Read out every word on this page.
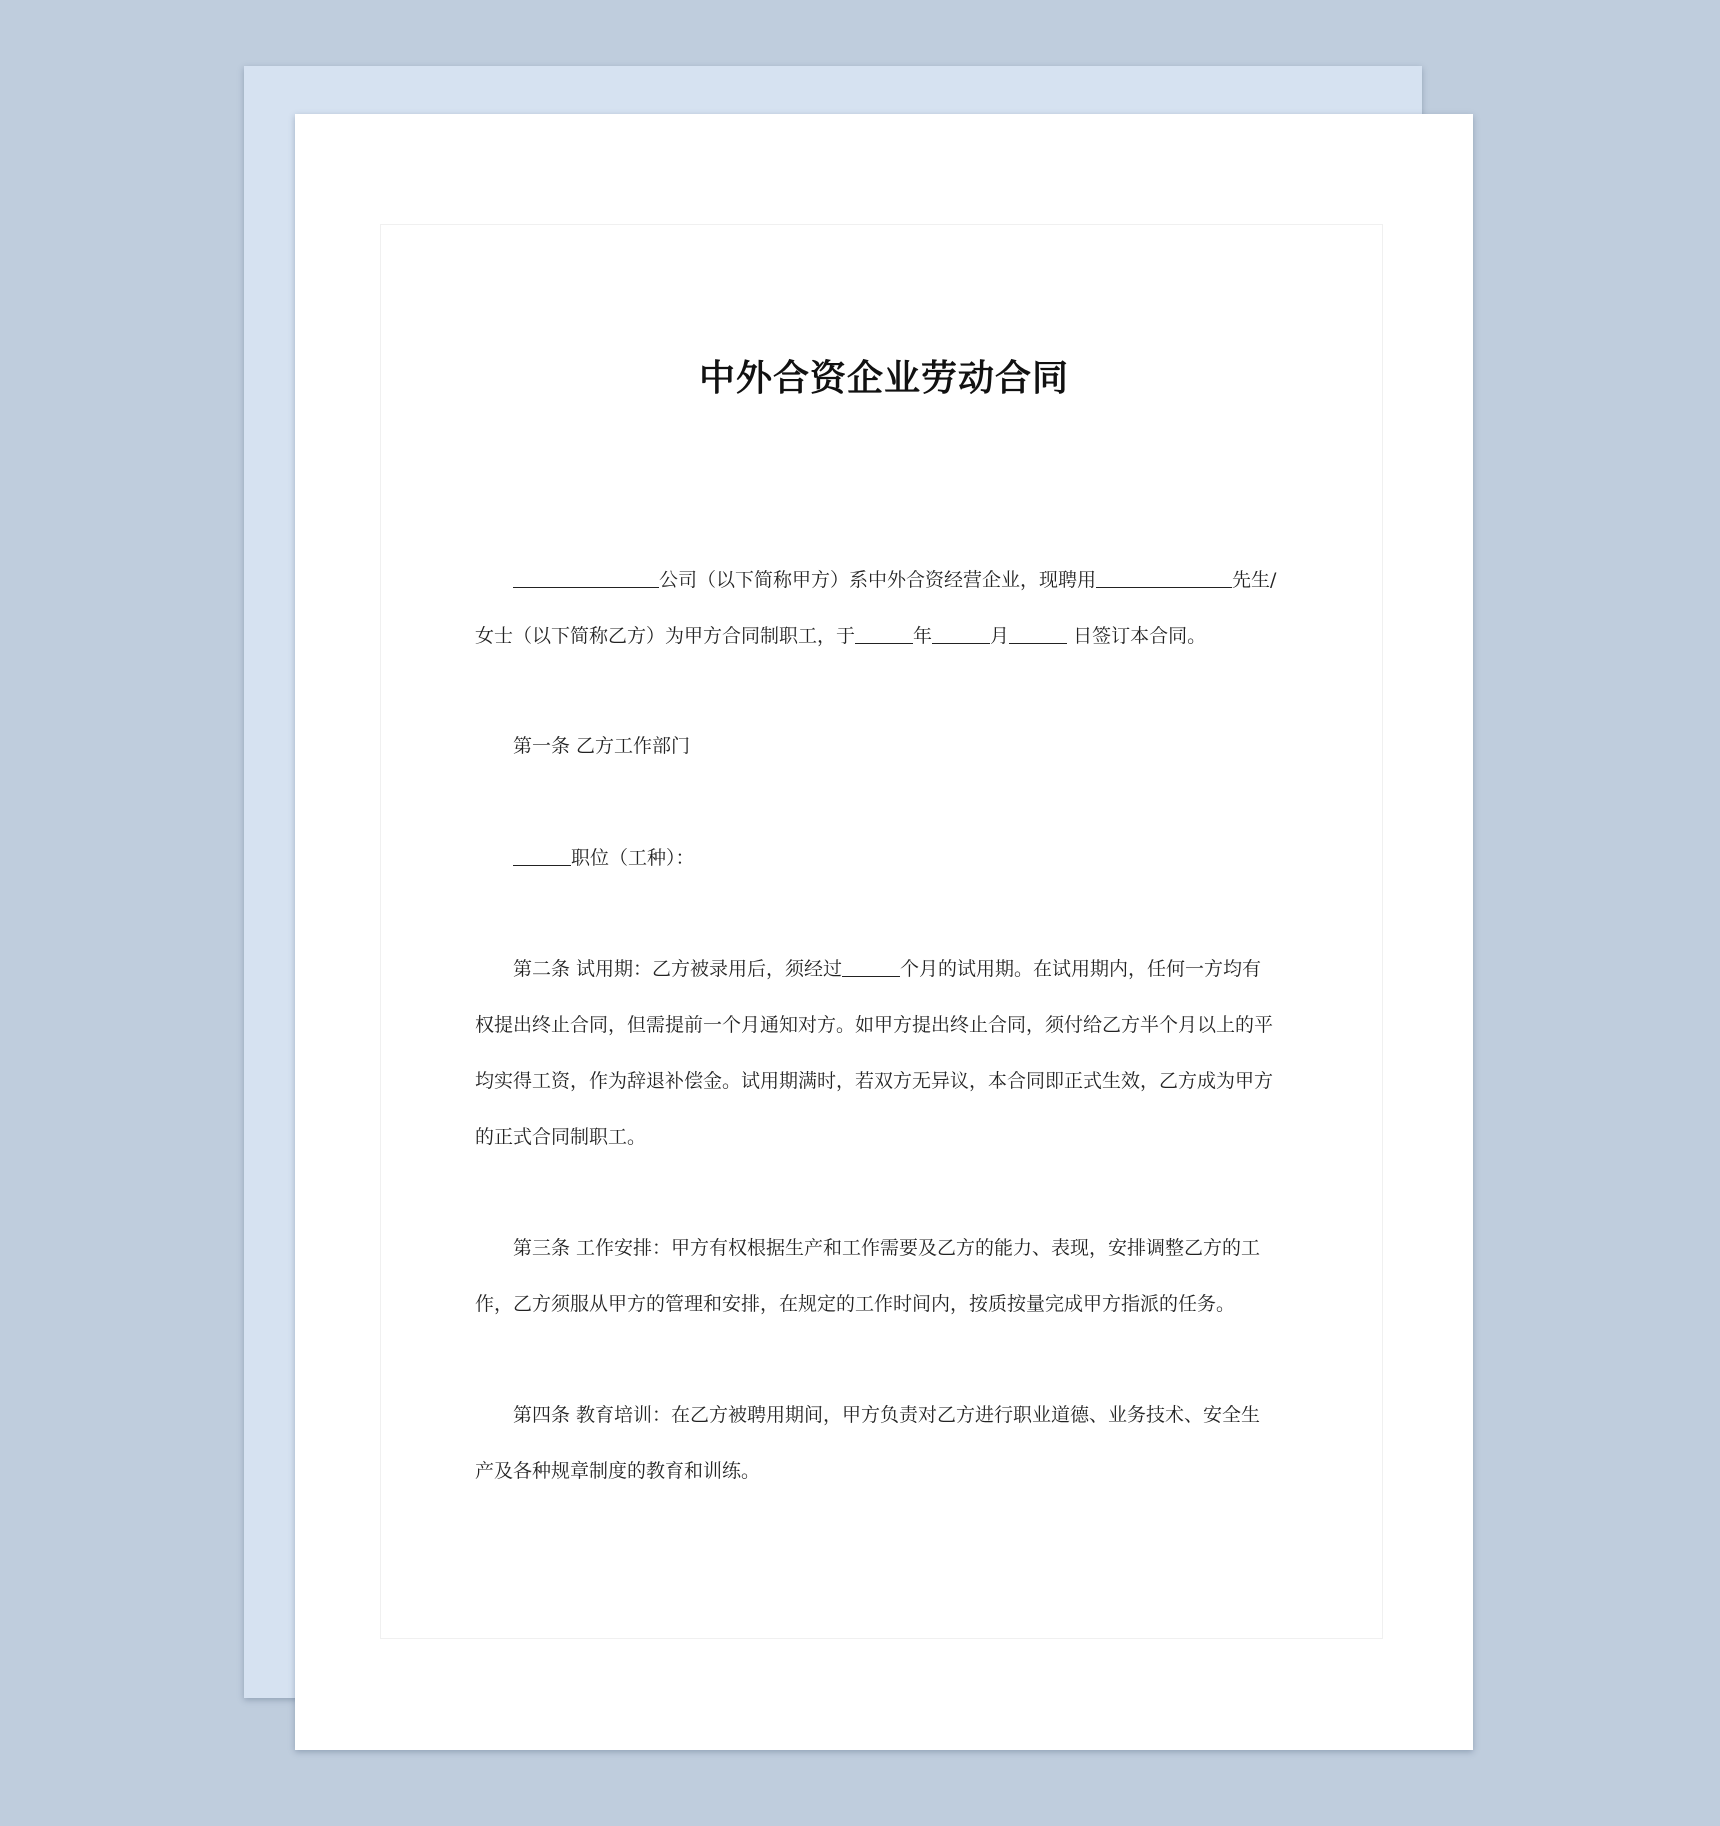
中外合资企业劳动合同
公司（以下简称甲方）系中外合资经营企业，现聘用	先生/
女士（以下简称乙方）为甲方合同制职工，于	年	月	日签订本合同。
第一条 乙方工作部门
职位（工种）：
第二条 试用期：乙方被录用后，须经过	个月的试用期。在试用期内，任何一方均有
权提出终止合同，但需提前一个月通知对方。如甲方提出终止合同，须付给乙方半个月以上的平
均实得工资，作为辞退补偿金。试用期满时，若双方无异议，本合同即正式生效，乙方成为甲方
的正式合同制职工。
第三条 工作安排：甲方有权根据生产和工作需要及乙方的能力、表现，安排调整乙方的工
作，乙方须服从甲方的管理和安排，在规定的工作时间内，按质按量完成甲方指派的任务。
第四条 教育培训：在乙方被聘用期间，甲方负责对乙方进行职业道德、业务技术、安全生
产及各种规章制度的教育和训练。
